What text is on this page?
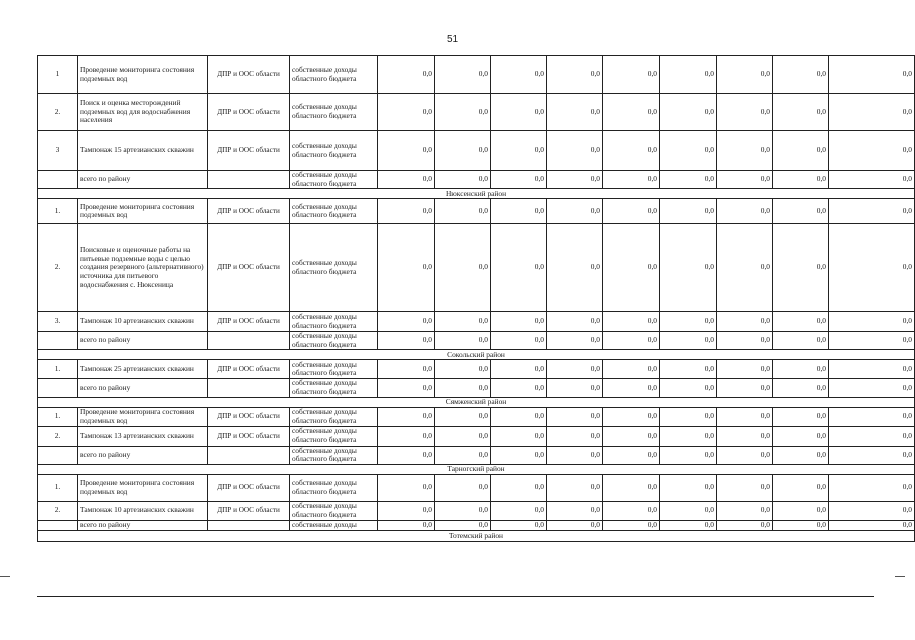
51
1	Проведение мониторинга состояния подземных вод	ДПР и ООС области	собственные доходы областного бюджета	0,0	0,0	0,0	0,0	0,0	0,0	0,0	0,0	0,0
2.	Поиск и оценка месторождений подземных вод для водоснабжения населения	ДПР и ООС области	собственные доходы областного бюджета	0,0	0,0	0,0	0,0	0,0	0,0	0,0	0,0	0,0
3	Тампонаж 15 артезианских скважин	ДПР и ООС области	собственные доходы областного бюджета	0,0	0,0	0,0	0,0	0,0	0,0	0,0	0,0	0,0
	всего по району		собственные доходы областного бюджета	0,0	0,0	0,0	0,0	0,0	0,0	0,0	0,0	0,0
Нюксенский район												
1.	Проведение мониторинга состояния подземных вод	ДПР и ООС области	собственные доходы областного бюджета	0,0	0,0	0,0	0,0	0,0	0,0	0,0	0,0	0,0
2.	Поисковые и оценочные работы на питьевые подземные воды с целью создания резервного (альтернативного) источника для питьевого водоснабжения с. Нюксеница	ДПР и ООС области	собственные доходы областного бюджета	0,0	0,0	0,0	0,0	0,0	0,0	0,0	0,0	0,0
3.	Тампонаж 10 артезианских скважин	ДПР и ООС области	собственные доходы областного бюджета	0,0	0,0	0,0	0,0	0,0	0,0	0,0	0,0	0,0
	всего по району		собственные доходы областного бюджета	0,0	0,0	0,0	0,0	0,0	0,0	0,0	0,0	0,0
Сокольский район												
1.	Тампонаж 25 артезианских скважин	ДПР и ООС области	собственные доходы областного бюджета	0,0	0,0	0,0	0,0	0,0	0,0	0,0	0,0	0,0
	всего по району		собственные доходы областного бюджета	0,0	0,0	0,0	0,0	0,0	0,0	0,0	0,0	0,0
Сямженский район												
1.	Проведение мониторинга состояния подземных вод	ДПР и ООС области	собственные доходы областного бюджета	0,0	0,0	0,0	0,0	0,0	0,0	0,0	0,0	0,0
2.	Тампонаж 13 артезианских скважин	ДПР и ООС области	собственные доходы областного бюджета	0,0	0,0	0,0	0,0	0,0	0,0	0,0	0,0	0,0
	всего по району		собственные доходы областного бюджета	0,0	0,0	0,0	0,0	0,0	0,0	0,0	0,0	0,0
Тарногский район												
1.	Проведение мониторинга состояния подземных вод	ДПР и ООС области	собственные доходы областного бюджета	0,0	0,0	0,0	0,0	0,0	0,0	0,0	0,0	0,0
2.	Тампонаж 10 артезианских скважин	ДПР и ООС области	собственные доходы областного бюджета	0,0	0,0	0,0	0,0	0,0	0,0	0,0	0,0	0,0
	всего по району		собственные доходы	0,0	0,0	0,0	0,0	0,0	0,0	0,0	0,0	0,0
Тотемский район												
